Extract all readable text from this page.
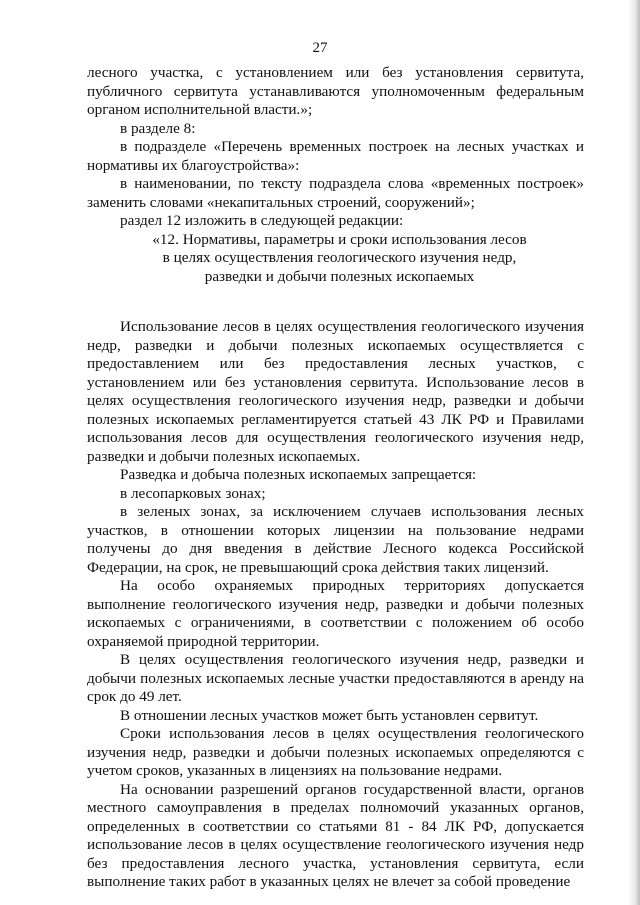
27

лесного участка, с установлением или без установления сервитута, публичного сервитута устанавливаются уполномоченным федеральным органом исполнительной власти.»;

в разделе 8:

в подразделе «Перечень временных построек на лесных участках и нормативы их благоустройства»:

в наименовании, по тексту подраздела слова «временных построек» заменить словами «некапитальных строений, сооружений»;

раздел 12 изложить в следующей редакции:

«12. Нормативы, параметры и сроки использования лесов
в целях осуществления геологического изучения недр,
разведки и добычи полезных ископаемых

Использование лесов в целях осуществления геологического изучения недр, разведки и добычи полезных ископаемых осуществляется с предоставлением или без предоставления лесных участков, с установлением или без установления сервитута. Использование лесов в целях осуществления геологического изучения недр, разведки и добычи полезных ископаемых регламентируется статьей 43 ЛК РФ и Правилами использования лесов для осуществления геологического изучения недр, разведки и добычи полезных ископаемых.

Разведка и добыча полезных ископаемых запрещается:

в лесопарковых зонах;

в зеленых зонах, за исключением случаев использования лесных участков, в отношении которых лицензии на пользование недрами получены до дня введения в действие Лесного кодекса Российской Федерации, на срок, не превышающий срока действия таких лицензий.

На особо охраняемых природных территориях допускается выполнение геологического изучения недр, разведки и добычи полезных ископаемых с ограничениями, в соответствии с положением об особо охраняемой природной территории.

В целях осуществления геологического изучения недр, разведки и добычи полезных ископаемых лесные участки предоставляются в аренду на срок до 49 лет.

В отношении лесных участков может быть установлен сервитут.

Сроки использования лесов в целях осуществления геологического изучения недр, разведки и добычи полезных ископаемых определяются с учетом сроков, указанных в лицензиях на пользование недрами.

На основании разрешений органов государственной власти, органов местного самоуправления в пределах полномочий указанных органов, определенных в соответствии со статьями 81 - 84 ЛК РФ, допускается использование лесов в целях осуществление геологического изучения недр без предоставления лесного участка, установления сервитута, если выполнение таких работ в указанных целях не влечет за собой проведение
